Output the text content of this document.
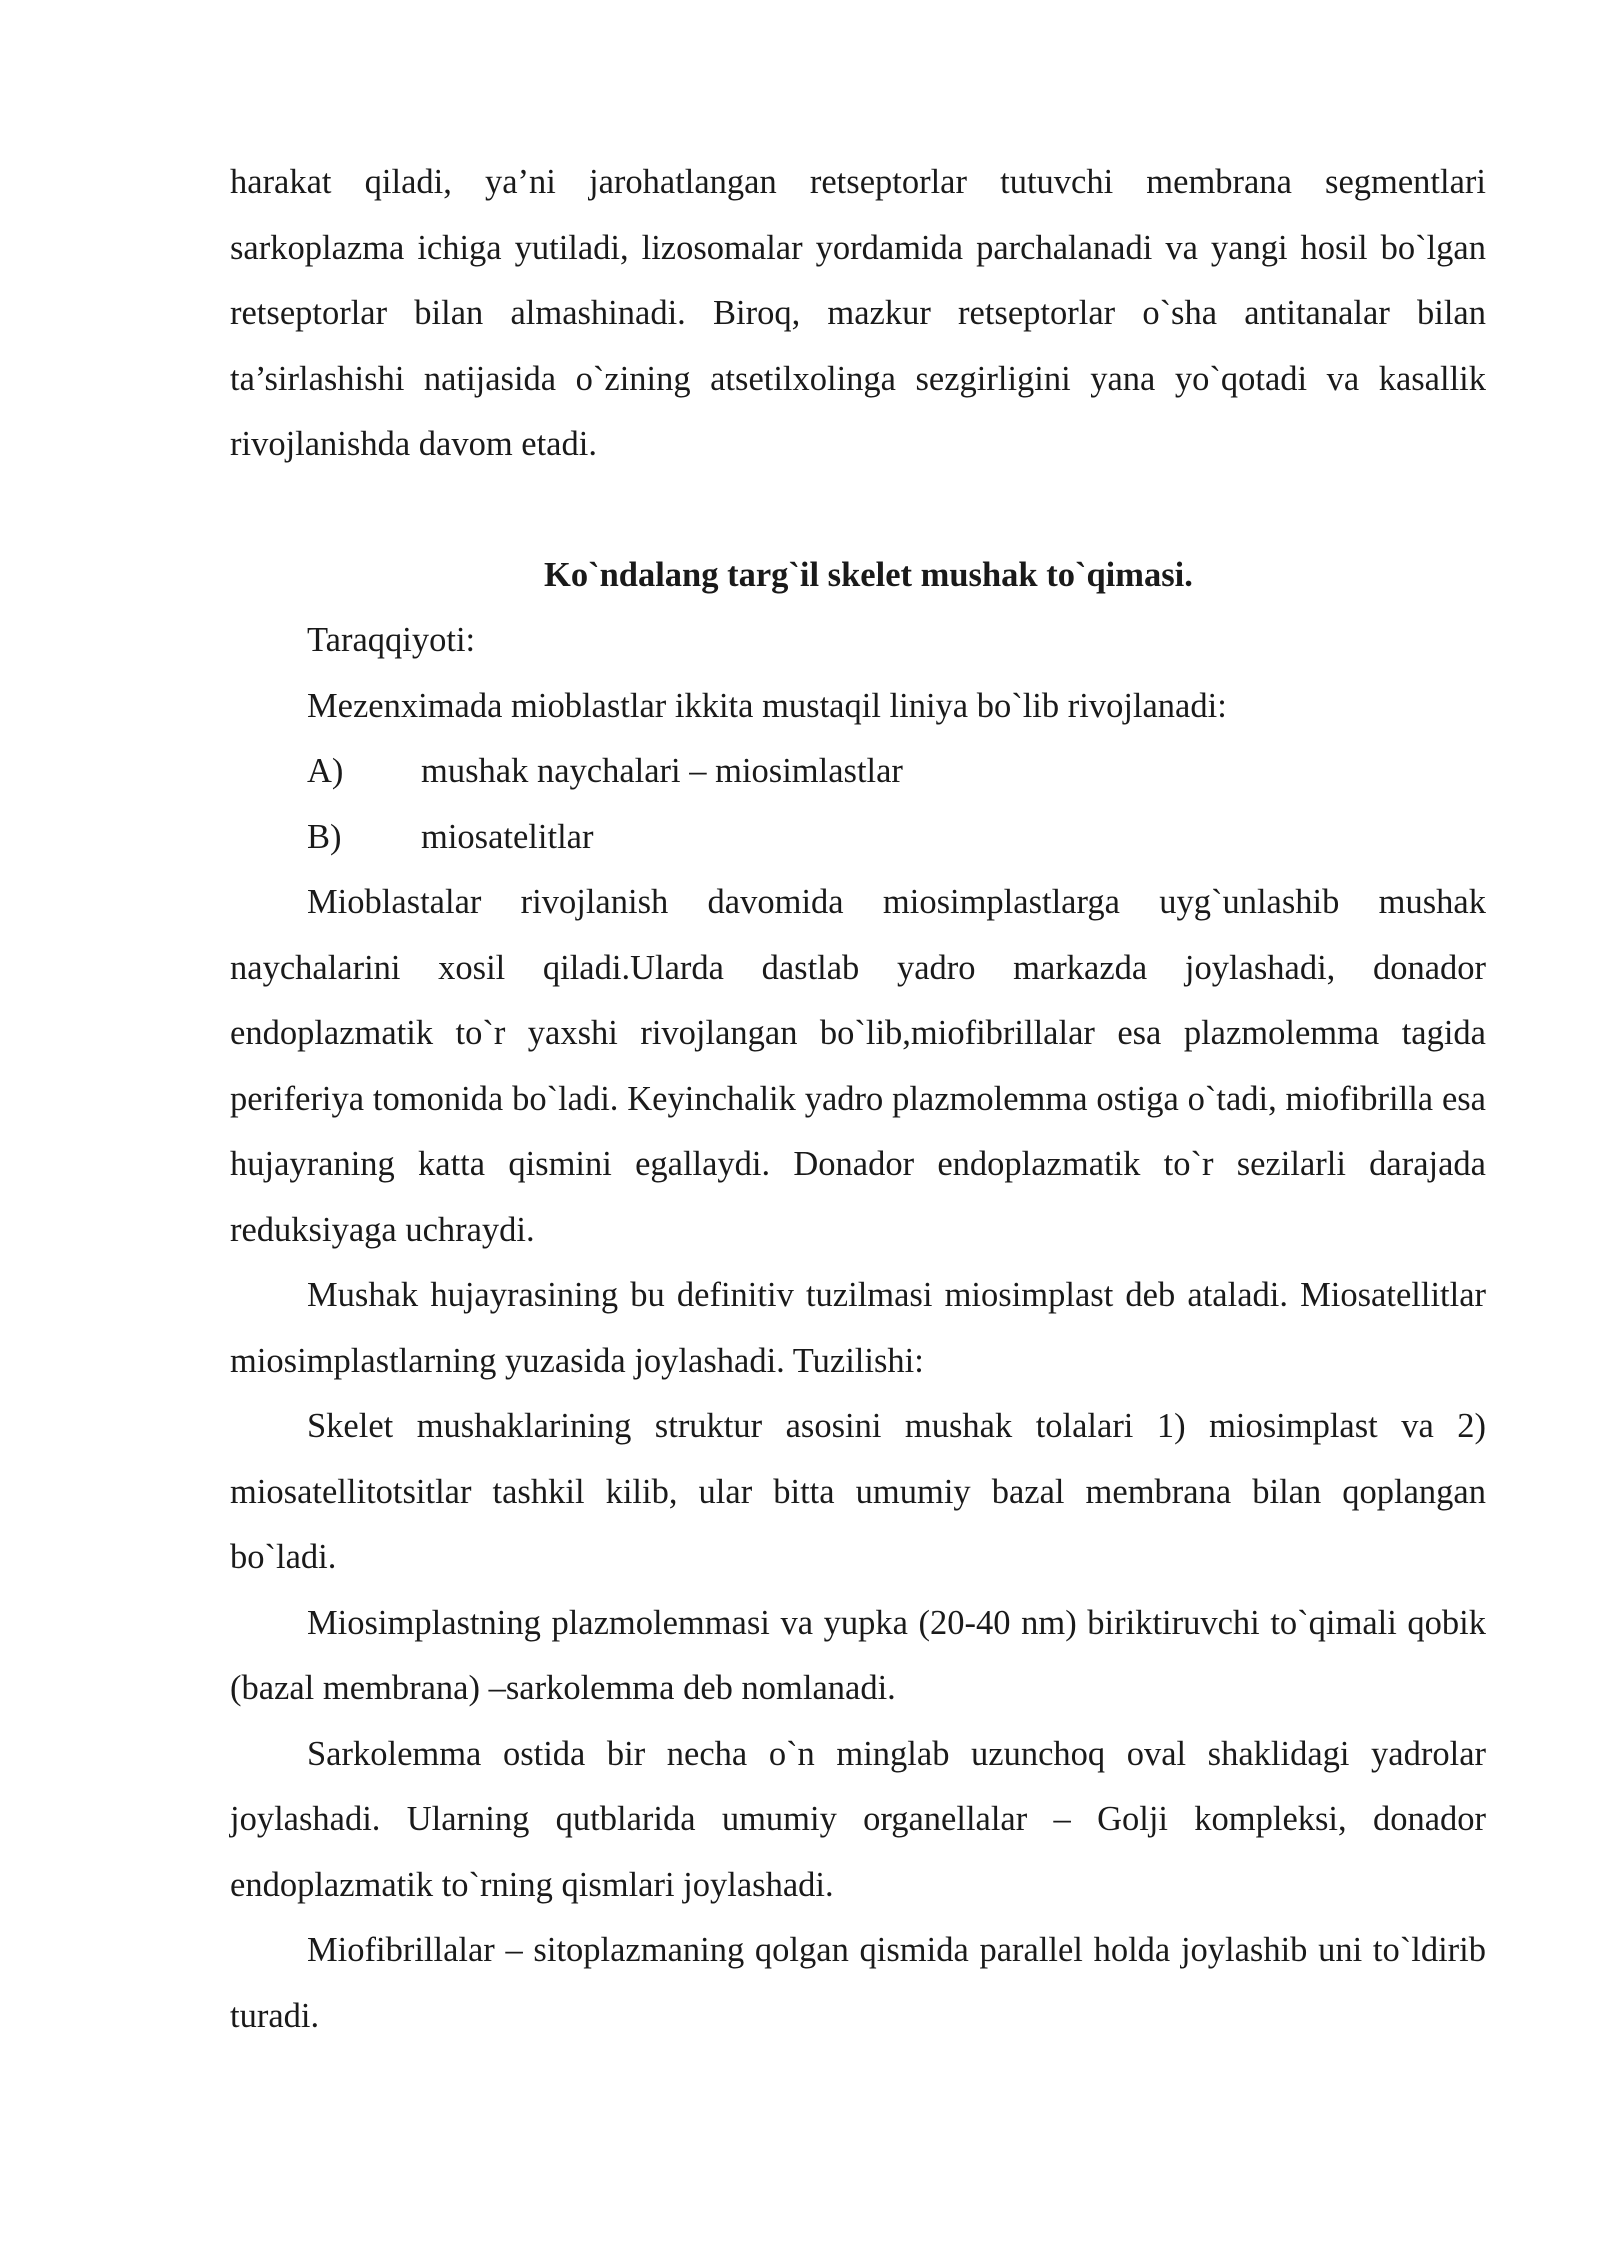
harakat qiladi, ya’ni jarohatlangan retseptorlar tutuvchi membrana segmentlari sarkoplazma ichiga yutiladi, lizosomalar yordamida parchalanadi va yangi hosil bo`lgan retseptorlar bilan almashinadi. Biroq, mazkur retseptorlar o`sha antitanalar bilan ta’sirlashishi natijasida o`zining atsetilxolinga sezgirligini yana yo`qotadi va kasallik rivojlanishda davom etadi.

Ko`ndalang targ`il skelet mushak to`qimasi.

Taraqqiyoti:

Mezenximada mioblastlar ikkita mustaqil liniya bo`lib rivojlanadi:

A)	mushak naychalari – miosimlastlar
B)	miosatelitlar

Mioblastalar rivojlanish davomida miosimplastlarga uyg`unlashib mushak naychalarini xosil qiladi.Ularda dastlab yadro markazda joylashadi, donador endoplazmatik to`r yaxshi rivojlangan bo`lib,miofibrillalar esa plazmolemma tagida periferiya tomonida bo`ladi. Keyinchalik yadro plazmolemma ostiga o`tadi, miofibrilla esa hujayraning katta qismini egallaydi. Donador endoplazmatik to`r sezilarli darajada reduksiyaga uchraydi.

Mushak hujayrasining bu definitiv tuzilmasi miosimplast deb ataladi. Miosatellitlar miosimplastlarning yuzasida joylashadi. Tuzilishi:

Skelet mushaklarining struktur asosini mushak tolalari 1) miosimplast va 2) miosatellitotsitlar tashkil kilib, ular bitta umumiy bazal membrana bilan qoplangan bo`ladi.

Miosimplastning plazmolemmasi va yupka (20-40 nm) biriktiruvchi to`qimali qobik (bazal membrana) –sarkolemma deb nomlanadi.

Sarkolemma ostida bir necha o`n minglab uzunchoq oval shaklidagi yadrolar joylashadi. Ularning qutblarida umumiy organellalar – Golji kompleksi, donador endoplazmatik to`rning qismlari joylashadi.

Miofibrillalar – sitoplazmaning qolgan qismida parallel holda joylashib uni to`ldirib turadi.
